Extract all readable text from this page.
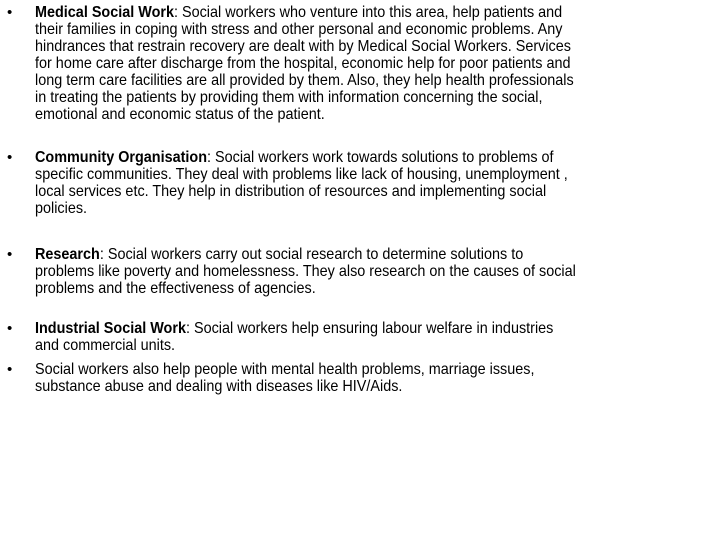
• Medical Social Work: Social workers who venture into this area, help patients and
their families in coping with stress and other personal and economic problems. Any
hindrances that restrain recovery are dealt with by Medical Social Workers. Services
for home care after discharge from the hospital, economic help for poor patients and
long term care facilities are all provided by them. Also, they help health professionals
in treating the patients by providing them with information concerning the social,
emotional and economic status of the patient.
• Community Organisation: Social workers work towards solutions to problems of
specific communities. They deal with problems like lack of housing, unemployment ,
local services etc. They help in distribution of resources and implementing social
policies.
• Research: Social workers carry out social research to determine solutions to
problems like poverty and homelessness. They also research on the causes of social
problems and the effectiveness of agencies.
• Industrial Social Work: Social workers help ensuring labour welfare in industries
and commercial units.
• Social workers also help people with mental health problems, marriage issues,
substance abuse and dealing with diseases like HIV/Aids.
